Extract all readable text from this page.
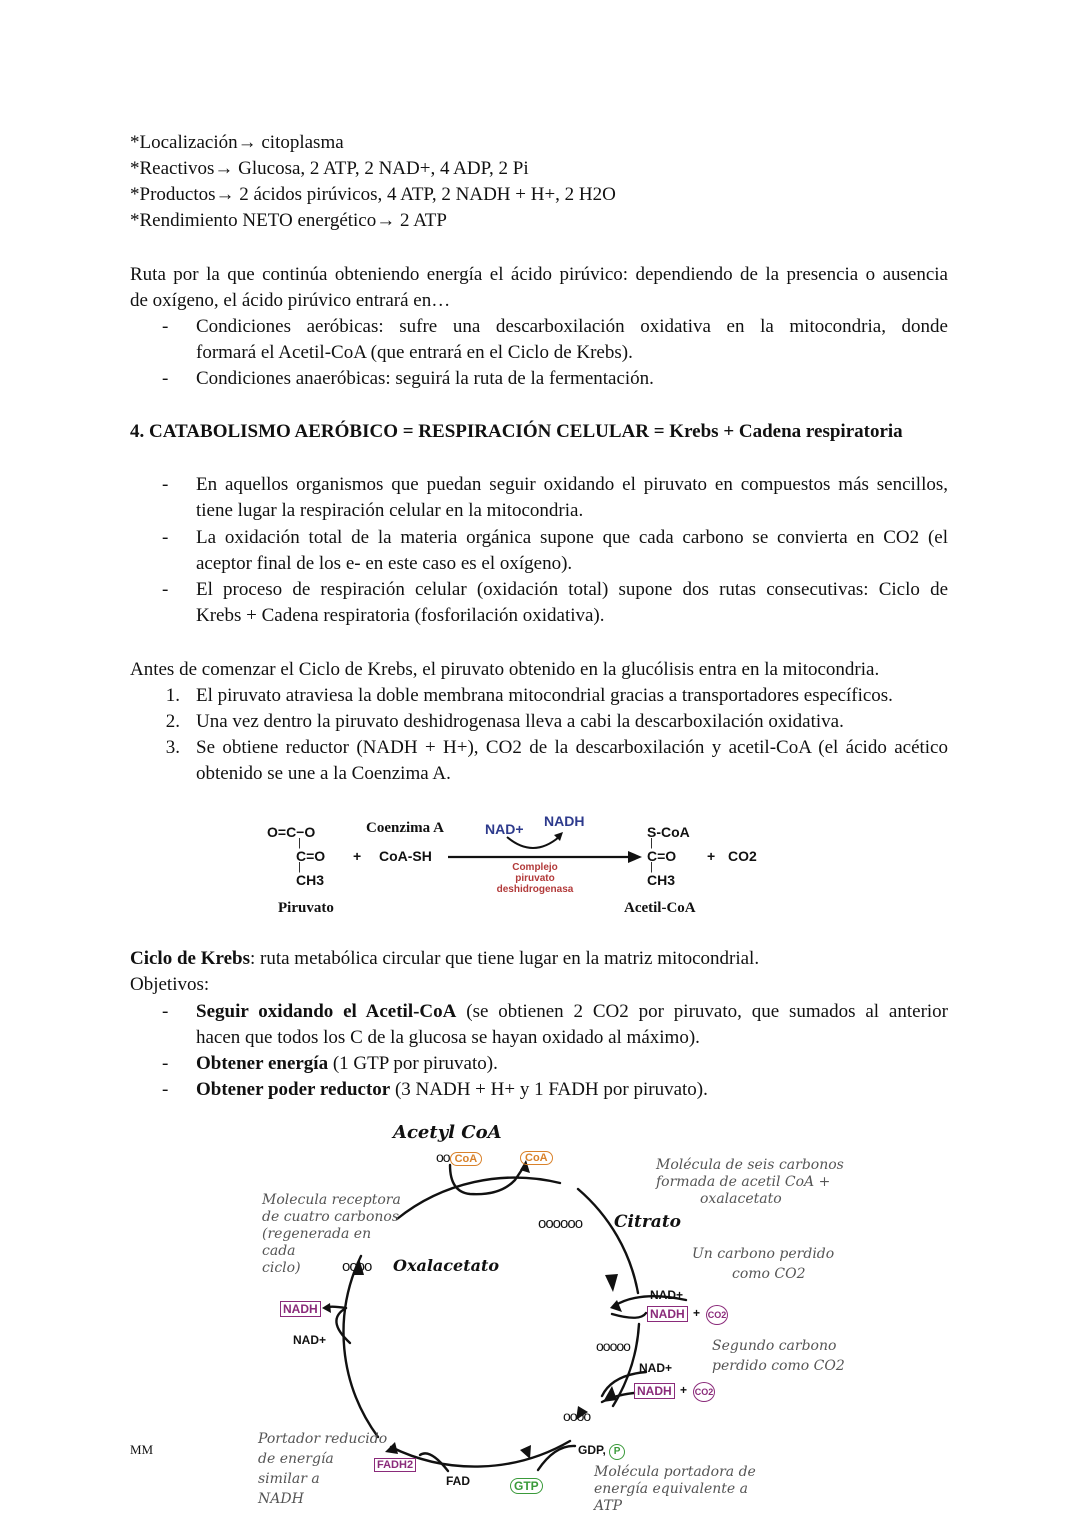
*Localización→ citoplasma
*Reactivos→ Glucosa, 2 ATP, 2 NAD+, 4 ADP, 2 Pi
*Productos→ 2 ácidos pirúvicos, 4 ATP, 2 NADH + H+, 2 H2O
*Rendimiento NETO energético→ 2 ATP
Ruta por la que continúa obteniendo energía el ácido pirúvico: dependiendo de la presencia o ausencia
de oxígeno, el ácido pirúvico entrará en…
- Condiciones aeróbicas: sufre una descarboxilación oxidativa en la mitocondria, donde
formará el Acetil-CoA (que entrará en el Ciclo de Krebs).
- Condiciones anaeróbicas: seguirá la ruta de la fermentación.
4. CATABOLISMO AERÓBICO = RESPIRACIÓN CELULAR = Krebs + Cadena respiratoria
- En aquellos organismos que puedan seguir oxidando el piruvato en compuestos más sencillos,
tiene lugar la respiración celular en la mitocondria.
- La oxidación total de la materia orgánica supone que cada carbono se convierta en CO2 (el
aceptor final de los e- en este caso es el oxígeno).
- El proceso de respiración celular (oxidación total) supone dos rutas consecutivas: Ciclo de
Krebs + Cadena respiratoria (fosforilación oxidativa).
Antes de comenzar el Ciclo de Krebs, el piruvato obtenido en la glucólisis entra en la mitocondria.
1. El piruvato atraviesa la doble membrana mitocondrial gracias a transportadores específicos.
2. Una vez dentro la piruvato deshidrogenasa lleva a cabi la descarboxilación oxidativa.
3. Se obtiene reductor (NADH + H+), CO2 de la descarboxilación y acetil-CoA (el ácido acético
obtenido se une a la Coenzima A.
O=C−O
|
C=O
|
CH3
Piruvato
+
Coenzima A
CoA-SH
NAD+ NADH
Complejo
piruvato
deshidrogenasa
S-CoA
|
C=O
|
CH3
Acetil-CoA
+ CO2
Ciclo de Krebs: ruta metabólica circular que tiene lugar en la matriz mitocondrial.
Objetivos:
- Seguir oxidando el Acetil-CoA (se obtienen 2 CO2 por piruvato, que sumados al anterior
hacen que todos los C de la glucosa se hayan oxidado al máximo).
- Obtener energía (1 GTP por piruvato).
- Obtener poder reductor (3 NADH + H+ y 1 FADH por piruvato).
Acetyl CoA
oo CoA	CoA	Molécula de seis carbonos
formada de acetil CoA +
oxalacetato
Molecula receptora
de cuatro carbonos
(regenerada en
cada
ciclo)
oooooo Citrato
oooo Oxalacetato
Un carbono perdido
como CO2
NAD+
NADH + CO2
ooooo	Segundo carbono
perdido como CO2
NAD+
NADH + CO2
NADH
NAD+
oooo
GDP, P
GTP
FAD
FADH2
Portador reducido
de energía
similar a
NADH
Molécula portadora de
energía equivalente a
ATP
MM
